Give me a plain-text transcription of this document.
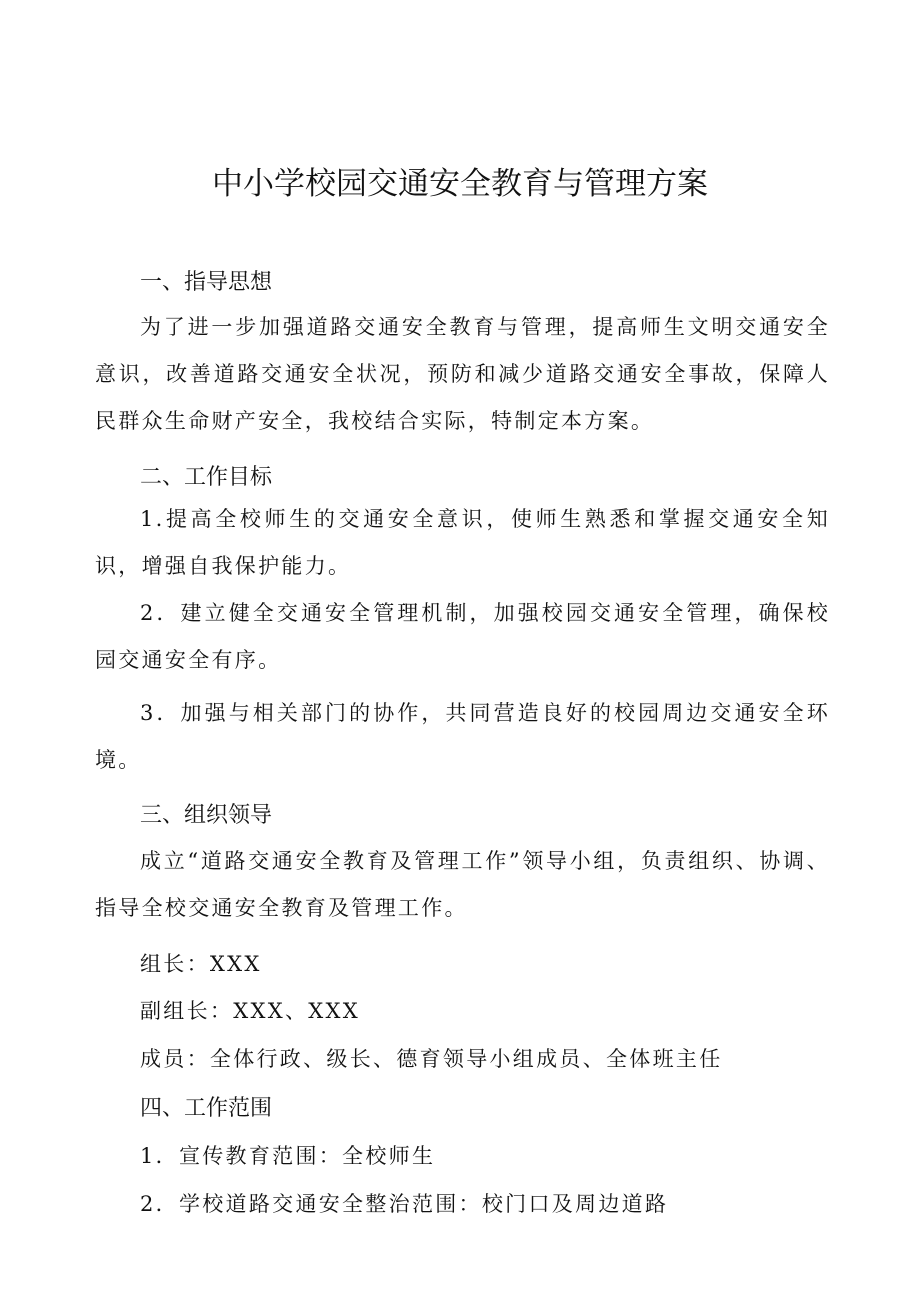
中小学校园交通安全教育与管理方案
一、指导思想

为了进一步加强道路交通安全教育与管理，提高师生文明交通安全意识，改善道路交通安全状况，预防和减少道路交通安全事故，保障人民群众生命财产安全，我校结合实际，特制定本方案。

二、工作目标

1.提高全校师生的交通安全意识，使师生熟悉和掌握交通安全知识，增强自我保护能力。

2．建立健全交通安全管理机制，加强校园交通安全管理，确保校园交通安全有序。

3．加强与相关部门的协作，共同营造良好的校园周边交通安全环境。

三、组织领导

成立“道路交通安全教育及管理工作”领导小组，负责组织、协调、指导全校交通安全教育及管理工作。

组长：XXX

副组长：XXX、XXX

成员：全体行政、级长、德育领导小组成员、全体班主任

四、工作范围

1．宣传教育范围：全校师生

2．学校道路交通安全整治范围：校门口及周边道路
